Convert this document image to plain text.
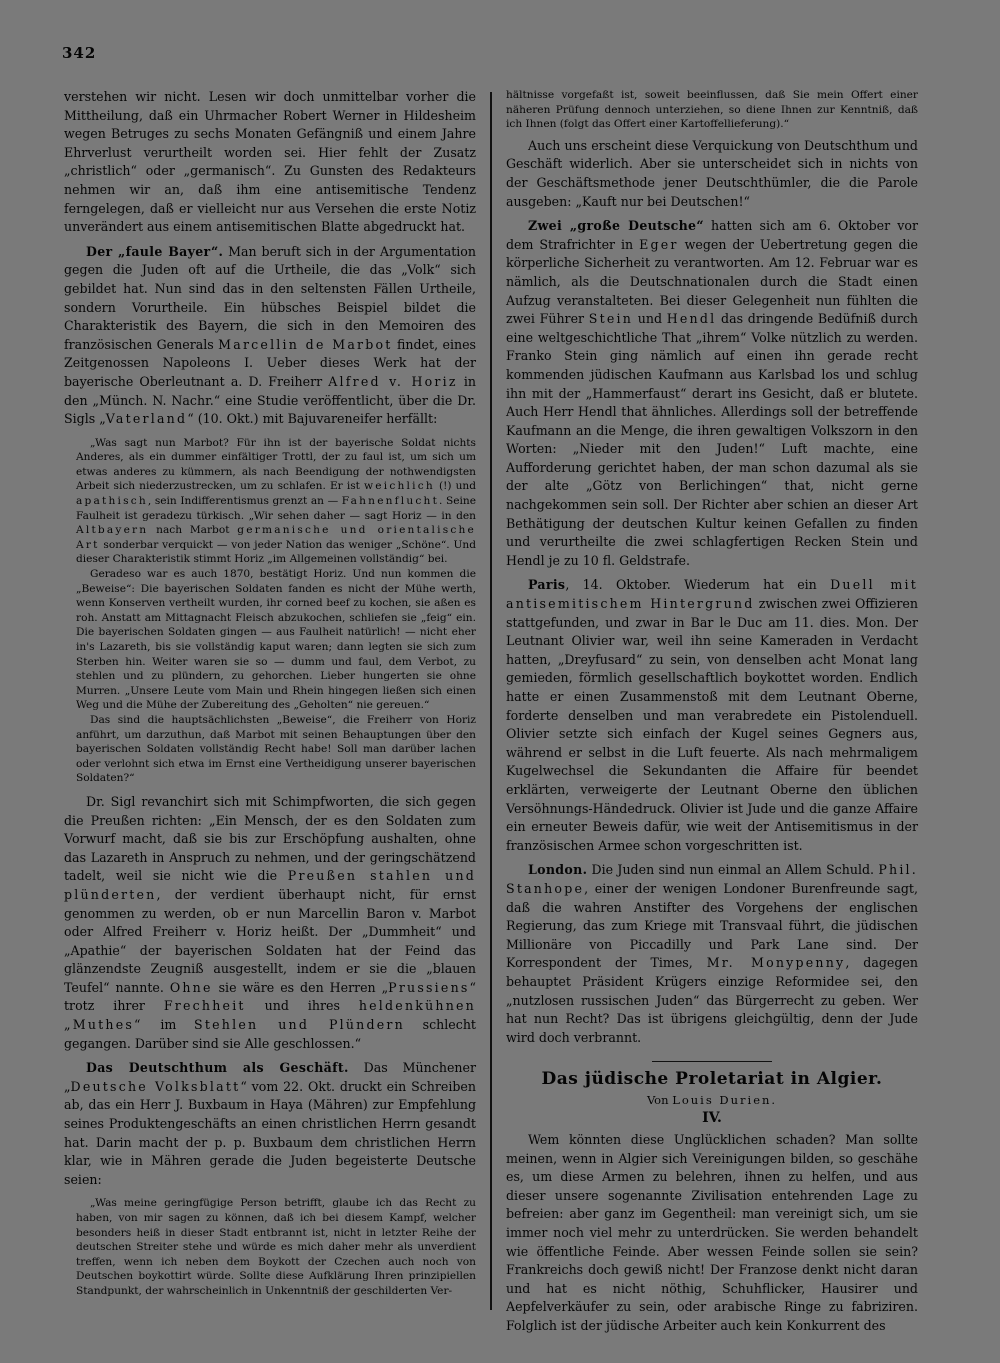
342

verstehen wir nicht. Lesen wir doch unmittelbar vorher die Mittheilung, daß ein Uhrmacher Robert Werner in Hildesheim wegen Betruges zu sechs Monaten Gefängniß und einem Jahre Ehrverlust verurtheilt worden sei. Hier fehlt der Zusatz „christlich“ oder „germanisch“. Zu Gunsten des Redakteurs nehmen wir an, daß ihm eine antisemitische Tendenz ferngelegen, daß er vielleicht nur aus Versehen die erste Notiz unverändert aus einem antisemitischen Blatte abgedruckt hat.

Der „faule Bayer“. Man beruft sich in der Argumentation gegen die Juden oft auf die Urtheile, die das „Volk“ sich gebildet hat. Nun sind das in den seltensten Fällen Urtheile, sondern Vorurtheile. Ein hübsches Beispiel bildet die Charakteristik des Bayern, die sich in den Memoiren des französischen Generals Marcellin de Marbot findet, eines Zeitgenossen Napoleons I. Ueber dieses Werk hat der bayerische Oberleutnant a. D. Freiherr Alfred v. Horiz in den „Münch. N. Nachr.“ eine Studie veröffentlicht, über die Dr. Sigls „Vaterland“ (10. Okt.) mit Bajuvareneifer herfällt:

„Was sagt nun Marbot? Für ihn ist der bayerische Soldat nichts Anderes, als ein dummer einfältiger Trottl, der zu faul ist, um sich um etwas anderes zu kümmern, als nach Beendigung der nothwendigsten Arbeit sich niederzustrecken, um zu schlafen. Er ist weichlich (!) und apathisch, sein Indifferentismus grenzt an — Fahnenflucht. Seine Faulheit ist geradezu türkisch. „Wir sehen daher — sagt Horiz — in den Altbayern nach Marbot germanische und orientalische Art sonderbar verquickt — von jeder Nation das weniger „Schöne“. Und dieser Charakteristik stimmt Horiz „im Allgemeinen vollständig“ bei.

Geradeso war es auch 1870, bestätigt Horiz. Und nun kommen die „Beweise“: Die bayerischen Soldaten fanden es nicht der Mühe werth, wenn Konserven vertheilt wurden, ihr corned beef zu kochen, sie aßen es roh. Anstatt am Mittagnacht Fleisch abzukochen, schliefen sie „feig“ ein. Die bayerischen Soldaten gingen — aus Faulheit natürlich! — nicht eher in's Lazareth, bis sie vollständig kaput waren; dann legten sie sich zum Sterben hin. Weiter waren sie so — dumm und faul, dem Verbot, zu stehlen und zu plündern, zu gehorchen. Lieber hungerten sie ohne Murren. „Unsere Leute vom Main und Rhein hingegen ließen sich einen Weg und die Mühe der Zubereitung des „Geholten“ nie gereuen.“

Das sind die hauptsächlichsten „Beweise“, die Freiherr von Horiz anführt, um darzuthun, daß Marbot mit seinen Behauptungen über den bayerischen Soldaten vollständig Recht habe! Soll man darüber lachen oder verlohnt sich etwa im Ernst eine Vertheidigung unserer bayerischen Soldaten?“

Dr. Sigl revanchirt sich mit Schimpfworten, die sich gegen die Preußen richten: „Ein Mensch, der es den Soldaten zum Vorwurf macht, daß sie bis zur Erschöpfung aushalten, ohne das Lazareth in Anspruch zu nehmen, und der geringschätzend tadelt, weil sie nicht wie die Preußen stahlen und plünderten, der verdient überhaupt nicht, für ernst genommen zu werden, ob er nun Marcellin Baron v. Marbot oder Alfred Freiherr v. Horiz heißt. Der „Dummheit“ und „Apathie“ der bayerischen Soldaten hat der Feind das glänzendste Zeugniß ausgestellt, indem er sie die „blauen Teufel“ nannte. Ohne sie wäre es den Herren „Prussiens“ trotz ihrer Frechheit und ihres heldenkühnen „Muthes“ im Stehlen und Plündern schlecht gegangen. Darüber sind sie Alle geschlossen.“

Das Deutschthum als Geschäft. Das Münchener „Deutsche Volksblatt“ vom 22. Okt. druckt ein Schreiben ab, das ein Herr J. Buxbaum in Haya (Mähren) zur Empfehlung seines Produktengeschäfts an einen christlichen Herrn gesandt hat. Darin macht der p. p. Buxbaum dem christlichen Herrn klar, wie in Mähren gerade die Juden begeisterte Deutsche seien:

„Was meine geringfügige Person betrifft, glaube ich das Recht zu haben, von mir sagen zu können, daß ich bei diesem Kampf, welcher besonders heiß in dieser Stadt entbrannt ist, nicht in letzter Reihe der deutschen Streiter stehe und würde es mich daher mehr als unverdient treffen, wenn ich neben dem Boykott der Czechen auch noch von Deutschen boykottirt würde. Sollte diese Aufklärung Ihren prinzipiellen Standpunkt, der wahrscheinlich in Unkenntniß der geschilderten Ver-

hältnisse vorgefaßt ist, soweit beeinflussen, daß Sie mein Offert einer näheren Prüfung dennoch unterziehen, so diene Ihnen zur Kenntniß, daß ich Ihnen (folgt das Offert einer Kartoffellieferung).“

Auch uns erscheint diese Verquickung von Deutschthum und Geschäft widerlich. Aber sie unterscheidet sich in nichts von der Geschäftsmethode jener Deutschthümler, die die Parole ausgeben: „Kauft nur bei Deutschen!“

Zwei „große Deutsche“ hatten sich am 6. Oktober vor dem Strafrichter in Eger wegen der Uebertretung gegen die körperliche Sicherheit zu verantworten. Am 12. Februar war es nämlich, als die Deutschnationalen durch die Stadt einen Aufzug veranstalteten. Bei dieser Gelegenheit nun fühlten die zwei Führer Stein und Hendl das dringende Bedüfniß durch eine weltgeschichtliche That „ihrem“ Volke nützlich zu werden. Franko Stein ging nämlich auf einen ihn gerade recht kommenden jüdischen Kaufmann aus Karlsbad los und schlug ihn mit der „Hammerfaust“ derart ins Gesicht, daß er blutete. Auch Herr Hendl that ähnliches. Allerdings soll der betreffende Kaufmann an die Menge, die ihren gewaltigen Volkszorn in den Worten: „Nieder mit den Juden!“ Luft machte, eine Aufforderung gerichtet haben, der man schon dazumal als sie der alte „Götz von Berlichingen“ that, nicht gerne nachgekommen sein soll. Der Richter aber schien an dieser Art Bethätigung der deutschen Kultur keinen Gefallen zu finden und verurtheilte die zwei schlagfertigen Recken Stein und Hendl je zu 10 fl. Geldstrafe.

Paris, 14. Oktober. Wiederum hat ein Duell mit antisemitischem Hintergrund zwischen zwei Offizieren stattgefunden, und zwar in Bar le Duc am 11. dies. Mon. Der Leutnant Olivier war, weil ihn seine Kameraden in Verdacht hatten, „Dreyfusard“ zu sein, von denselben acht Monat lang gemieden, förmlich gesellschaftlich boykottet worden. Endlich hatte er einen Zusammenstoß mit dem Leutnant Oberne, forderte denselben und man verabredete ein Pistolenduell. Olivier setzte sich einfach der Kugel seines Gegners aus, während er selbst in die Luft feuerte. Als nach mehrmaligem Kugelwechsel die Sekundanten die Affaire für beendet erklärten, verweigerte der Leutnant Oberne den üblichen Versöhnungs-Händedruck. Olivier ist Jude und die ganze Affaire ein erneuter Beweis dafür, wie weit der Antisemitismus in der französischen Armee schon vorgeschritten ist.

London. Die Juden sind nun einmal an Allem Schuld. Phil. Stanhope, einer der wenigen Londoner Burenfreunde sagt, daß die wahren Anstifter des Vorgehens der englischen Regierung, das zum Kriege mit Transvaal führt, die jüdischen Millionäre von Piccadilly und Park Lane sind. Der Korrespondent der Times, Mr. Monypenny, dagegen behauptet Präsident Krügers einzige Reformidee sei, den „nutzlosen russischen Juden“ das Bürgerrecht zu geben. Wer hat nun Recht? Das ist übrigens gleichgültig, denn der Jude wird doch verbrannt.

Das jüdische Proletariat in Algier.
Von Louis Durien.
IV.

Wem könnten diese Unglücklichen schaden? Man sollte meinen, wenn in Algier sich Vereinigungen bilden, so geschähe es, um diese Armen zu belehren, ihnen zu helfen, und aus dieser unsere sogenannte Zivilisation entehrenden Lage zu befreien: aber ganz im Gegentheil: man vereinigt sich, um sie immer noch viel mehr zu unterdrücken. Sie werden behandelt wie öffentliche Feinde. Aber wessen Feinde sollen sie sein? Frankreichs doch gewiß nicht! Der Franzose denkt nicht daran und hat es nicht nöthig, Schuhflicker, Hausirer und Aepfelverkäufer zu sein, oder arabische Ringe zu fabriziren. Folglich ist der jüdische Arbeiter auch kein Konkurrent des
